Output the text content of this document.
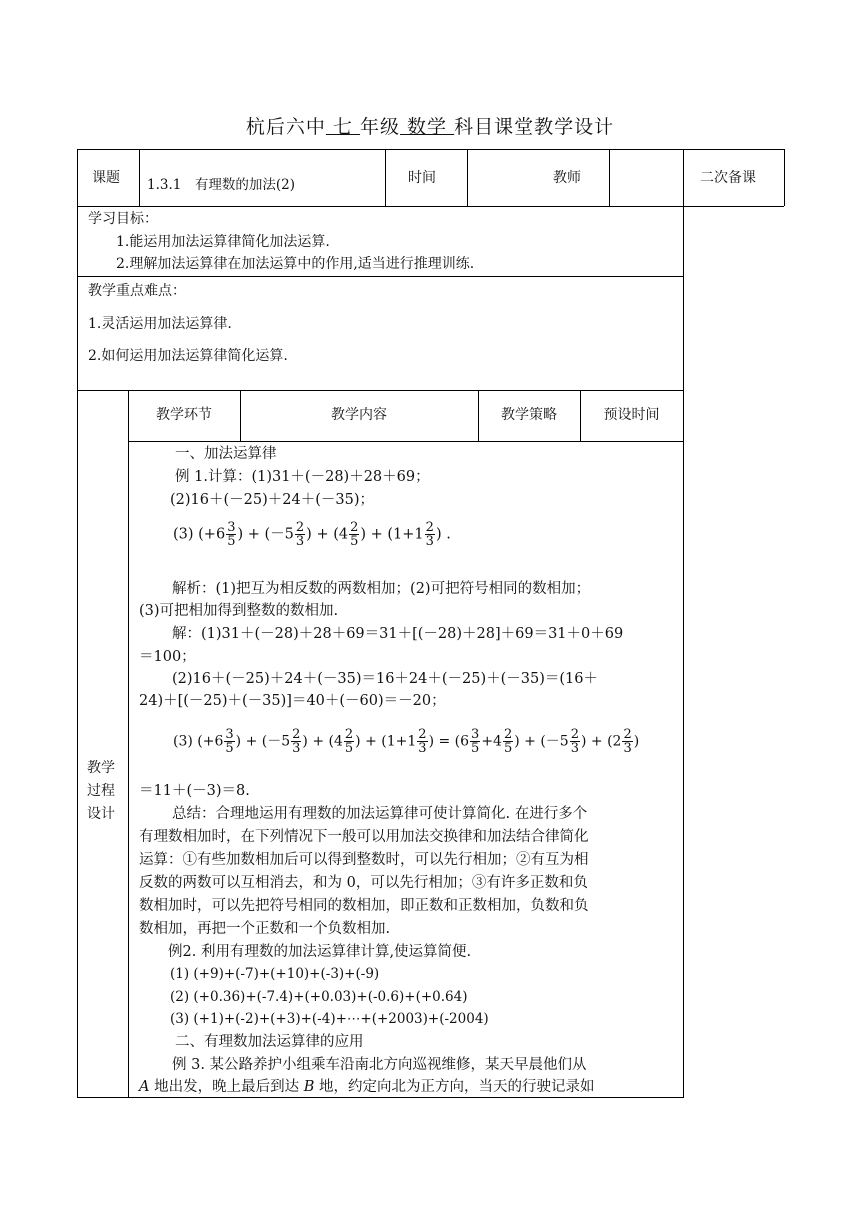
杭后六中 七 年级 数学 科目课堂教学设计
课题 1.3.1　有理数的加法(2)	时间	教师	二次备课
学习目标：
1.能运用加法运算律简化加法运算.
2.理解加法运算律在加法运算中的作用,适当进行推理训练.
教学重点难点：
1.灵活运用加法运算律.
2.如何运用加法运算律简化运算.
教学环节	教学内容	教学策略	预设时间
教学
过程
设计
一、加法运算律
例 1.计算：(1)31＋(－28)＋28＋69；
(2)16＋(－25)＋24＋(－35)；
(3) ($+6 \frac{3}{5}$ ) + ($-5 \frac{2}{3}$ ) + ($4 \frac{2}{5}$ ) + ($1+1 \frac{2}{3}$ ) .
解析：(1)把互为相反数的两数相加；(2)可把符号相同的数相加；
(3)可把相加得到整数的数相加.
解：(1)31＋(－28)＋28＋69＝31＋[(－28)＋28]＋69＝31＋0＋69
＝100；
(2)16＋(－25)＋24＋(－35)＝16＋24＋(－25)＋(－35)＝(16＋
24)＋[(－25)＋(－35)]＝40＋(－60)＝－20；
(3) ($+6 \frac{3}{5}$ ) + ($-5 \frac{2}{3}$ ) + ($4 \frac{2}{5}$ ) + ($1+1 \frac{2}{3}$ ) = ($6 \frac{3}{5} +4 \frac{2}{5}$ ) + ($-5 \frac{2}{3}$ ) + ($2 \frac{2}{3}$ )
＝11＋(－3)＝8.
总结：合理地运用有理数的加法运算律可使计算简化. 在进行多个
有理数相加时，在下列情况下一般可以用加法交换律和加法结合律简化
运算：①有些加数相加后可以得到整数时，可以先行相加；②有互为相
反数的两数可以互相消去，和为 0，可以先行相加；③有许多正数和负
数相加时，可以先把符号相同的数相加，即正数和正数相加，负数和负
数相加，再把一个正数和一个负数相加.
例2. 利用有理数的加法运算律计算,使运算简便.
(1) (+9)+(-7)+(+10)+(-3)+(-9)
(2) (+0.36)+(-7.4)+(+0.03)+(-0.6)+(+0.64)
(3) (+1)+(-2)+(+3)+(-4)+⋯+(+2003)+(-2004)
二、有理数加法运算律的应用
例 3. 某公路养护小组乘车沿南北方向巡视维修，某天早晨他们从
A 地出发，晚上最后到达 B 地，约定向北为正方向，当天的行驶记录如
